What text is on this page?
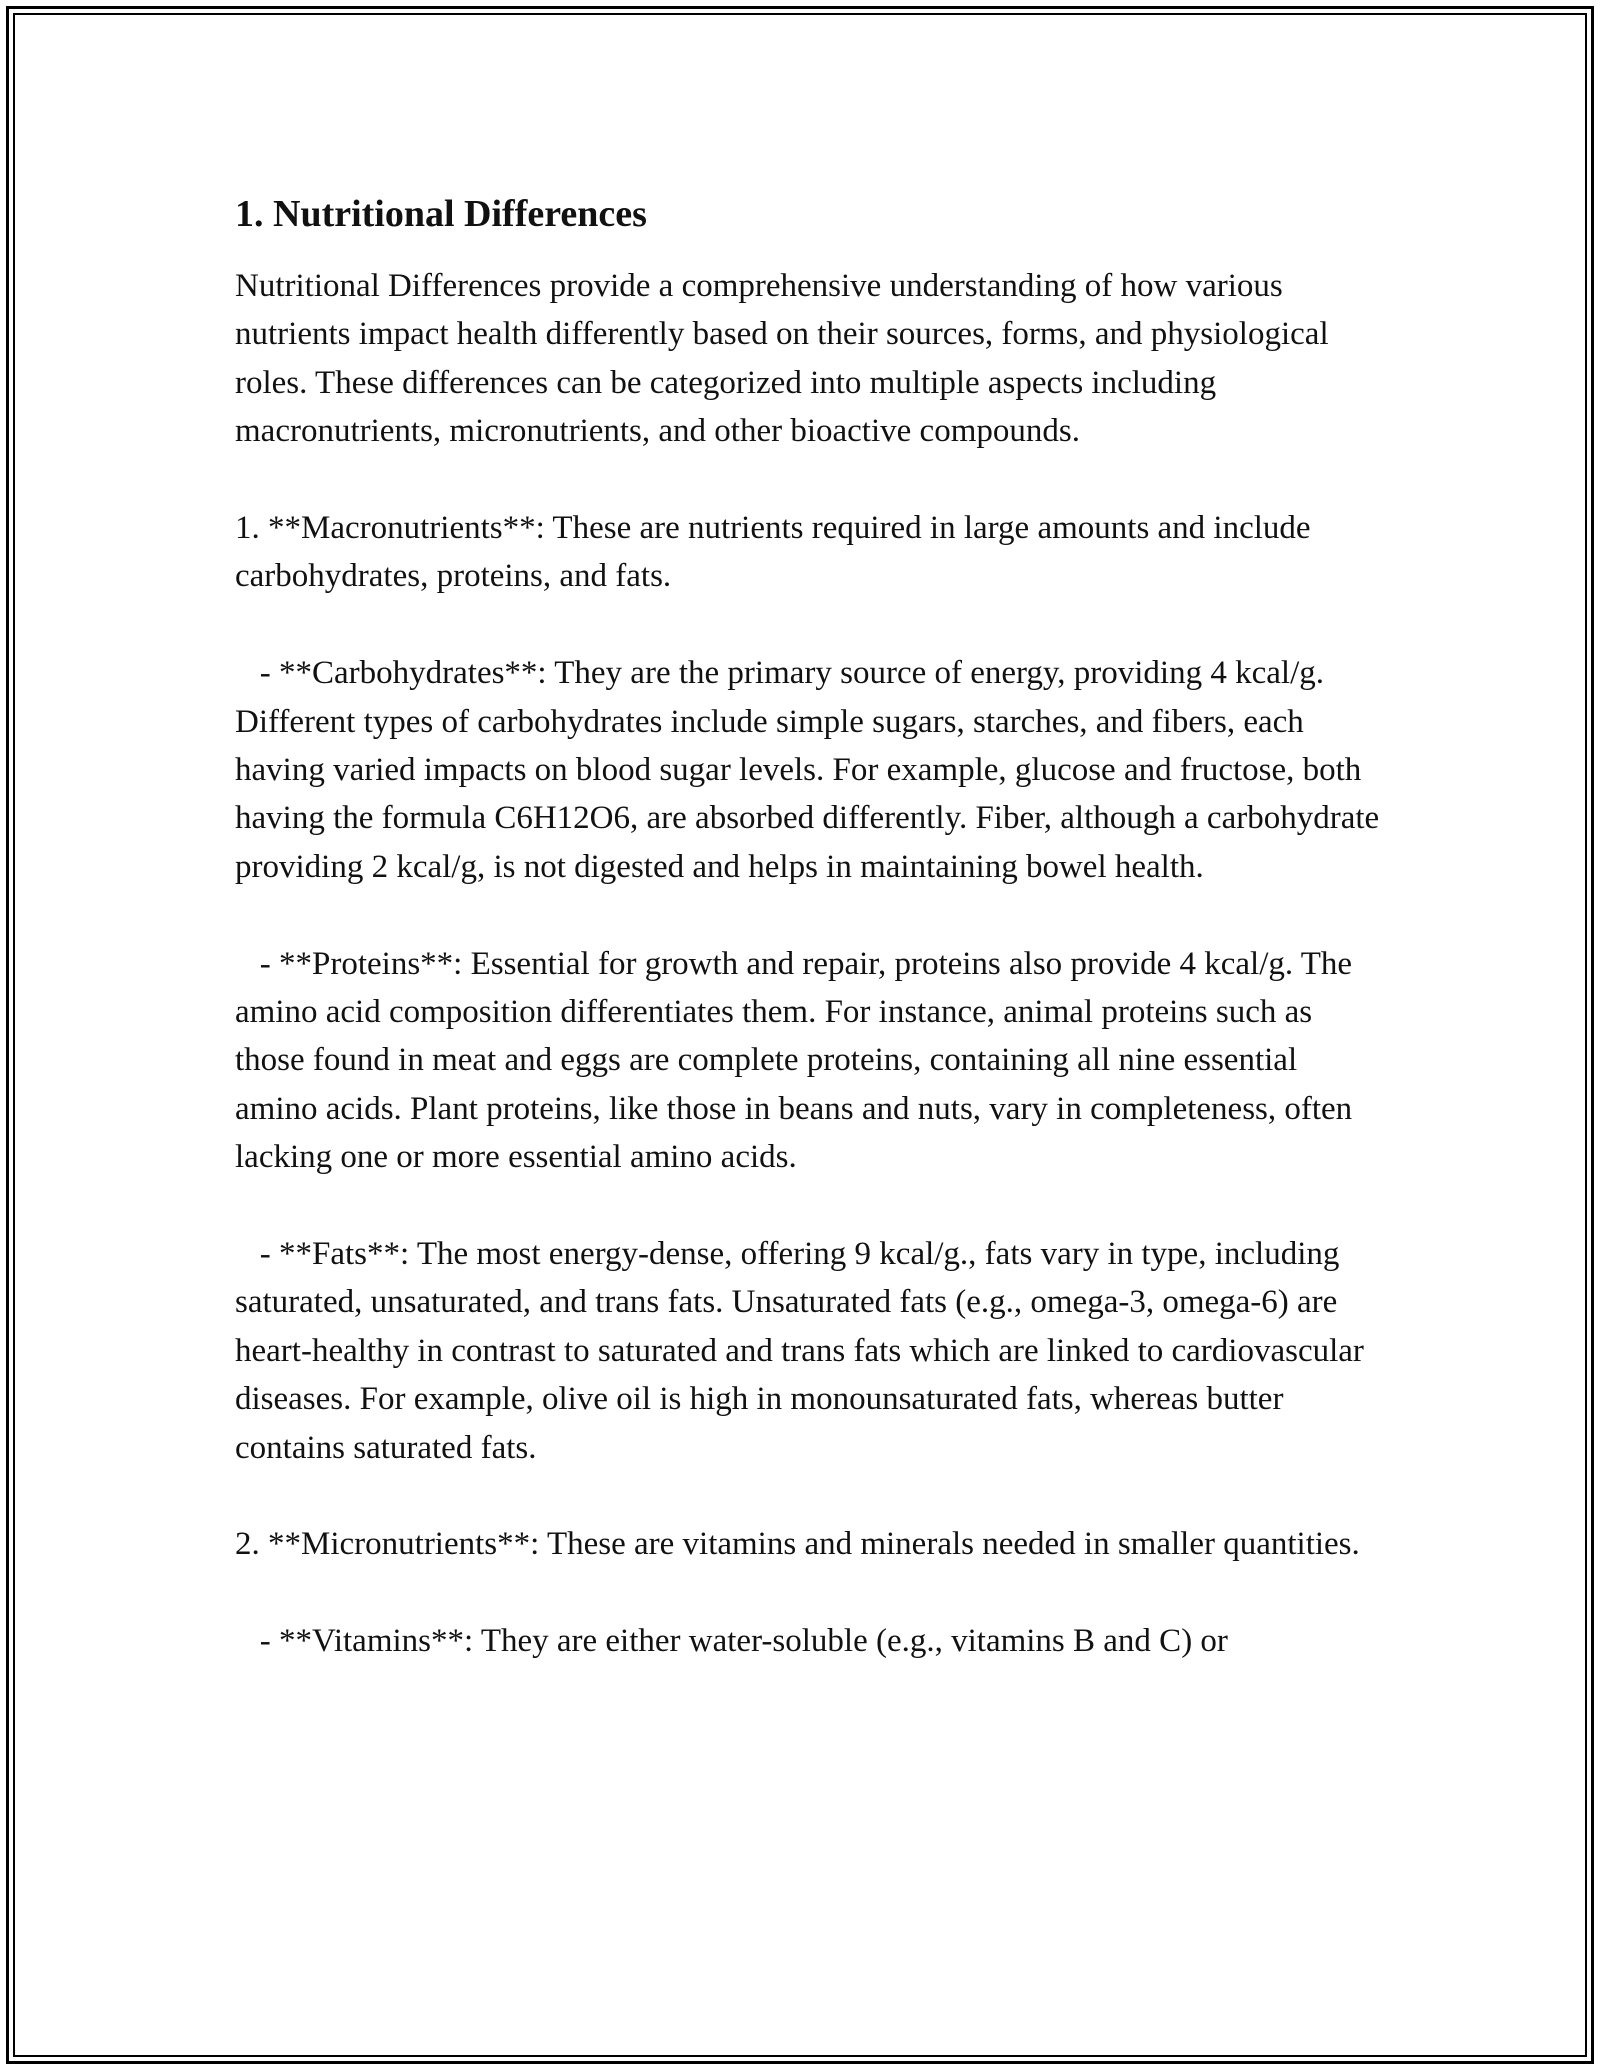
1. Nutritional Differences
Nutritional Differences provide a comprehensive understanding of how various nutrients impact health differently based on their sources, forms, and physiological roles. These differences can be categorized into multiple aspects including macronutrients, micronutrients, and other bioactive compounds.
1. **Macronutrients**: These are nutrients required in large amounts and include carbohydrates, proteins, and fats.
- **Carbohydrates**: They are the primary source of energy, providing 4 kcal/g. Different types of carbohydrates include simple sugars, starches, and fibers, each having varied impacts on blood sugar levels. For example, glucose and fructose, both having the formula C6H12O6, are absorbed differently. Fiber, although a carbohydrate providing 2 kcal/g, is not digested and helps in maintaining bowel health.
- **Proteins**: Essential for growth and repair, proteins also provide 4 kcal/g. The amino acid composition differentiates them. For instance, animal proteins such as those found in meat and eggs are complete proteins, containing all nine essential amino acids. Plant proteins, like those in beans and nuts, vary in completeness, often lacking one or more essential amino acids.
- **Fats**: The most energy-dense, offering 9 kcal/g., fats vary in type, including saturated, unsaturated, and trans fats. Unsaturated fats (e.g., omega-3, omega-6) are heart-healthy in contrast to saturated and trans fats which are linked to cardiovascular diseases. For example, olive oil is high in monounsaturated fats, whereas butter contains saturated fats.
2. **Micronutrients**: These are vitamins and minerals needed in smaller quantities.
- **Vitamins**: They are either water-soluble (e.g., vitamins B and C) or
